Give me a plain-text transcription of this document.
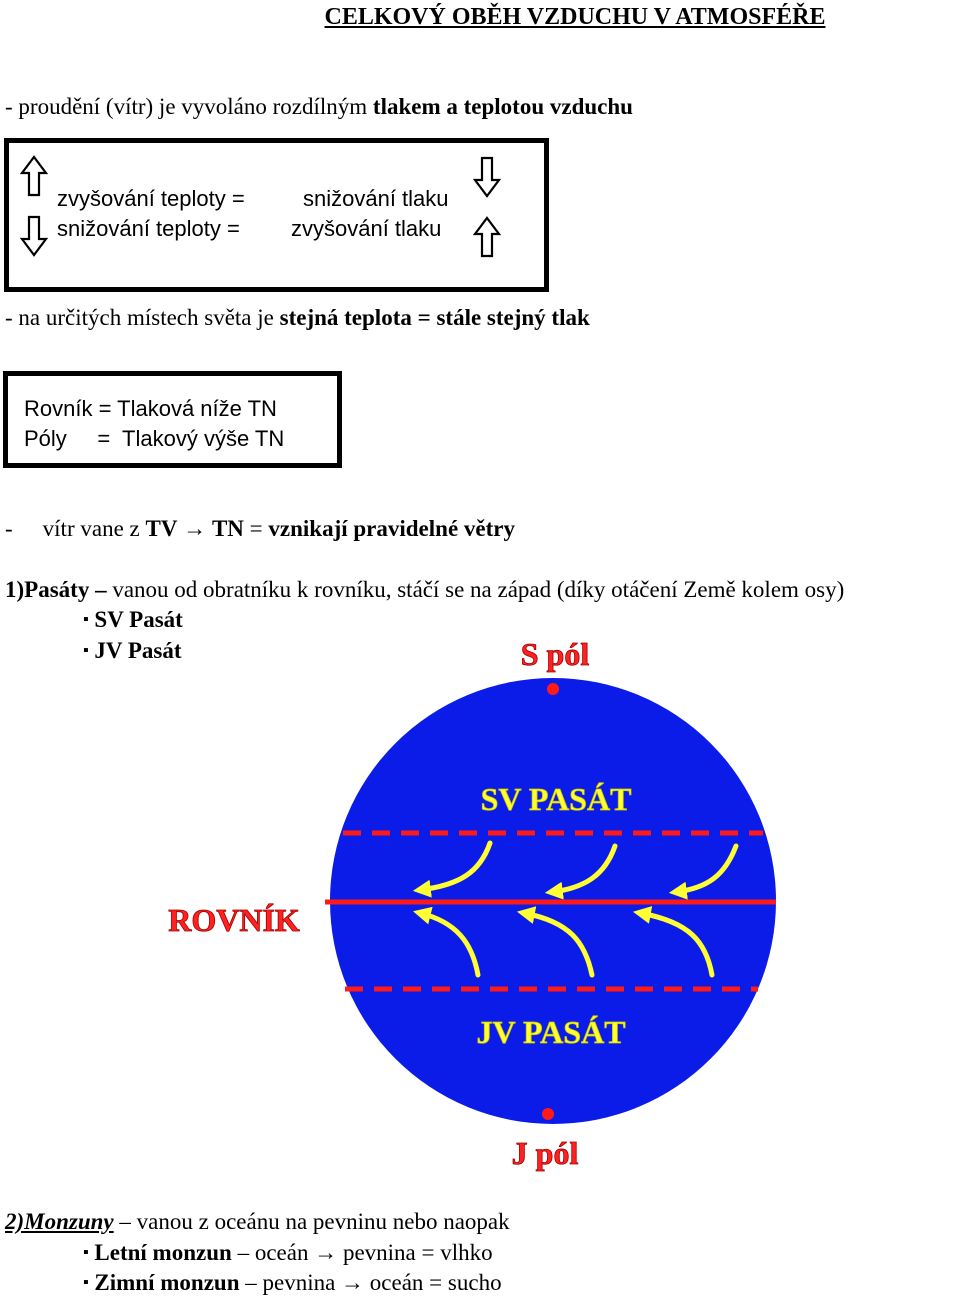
CELKOVÝ OBĚH VZDUCHU V ATMOSFÉŘE
- proudění (vítr) je vyvoláno rozdílným tlakem a teplotou vzduchu
zvyšování teploty =	snižování tlaku
snižování teploty = zvyšování tlaku
- na určitých místech světa je stejná teplota = stále stejný tlak
Rovník = Tlaková níže TN
Póly     =  Tlakový výše TN
- vítr vane z TV → TN = vznikají pravidelné větry
1)Pasáty – vanou od obratníku k rovníku, stáčí se na západ (díky otáčení Země kolem osy)
▪ SV Pasát
▪ JV Pasát	S pól
J pól
ROVNÍK
SV PASÁT
JV PASÁT
2)Monzuny – vanou z oceánu na pevninu nebo naopak
▪ Letní monzun – oceán → pevnina = vlhko
▪ Zimní monzun – pevnina → oceán = sucho
